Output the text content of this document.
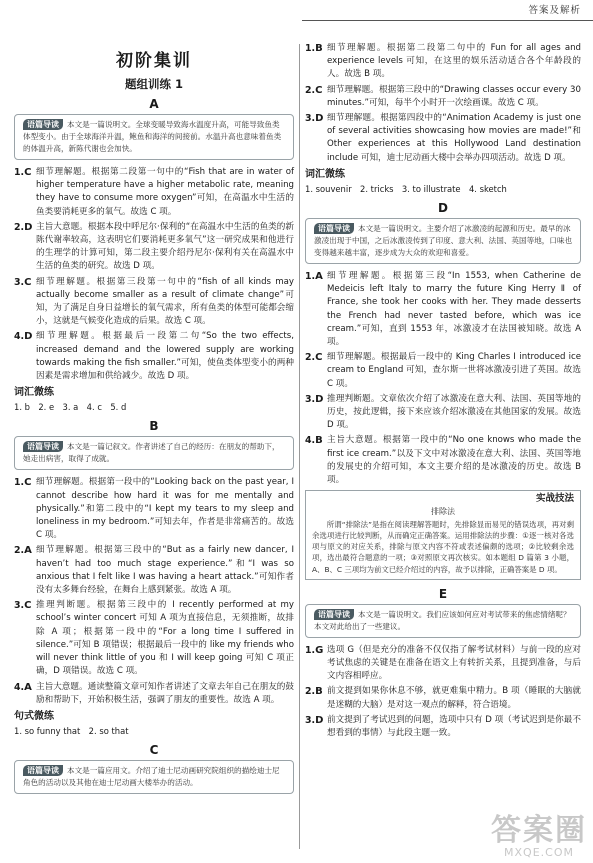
答案及解析
初阶集训
题组训练 1
A
语篇导读 本文是一篇说明文。全球变暖导致海水温度升高，可能导致鱼类体型变小。由于全球海洋升温，鲍鱼和海洋的间接前。水温升高也意味着鱼类的体温升高，新陈代谢也会加快。
1.C 细节理解题。根据第二段第一句中的“Fish that are in water of higher temperature have a higher metabolic rate, meaning they have to consume more oxygen”可知，在高温水中生活的鱼类要消耗更多的氧气。故选 C 项。
2.D 主旨大意题。根据本段中呼尼尔·保利的“在高温水中生活的鱼类的新陈代谢率较高，这表明它们要消耗更多氧气”这一研究成果和他进行的生理学的计算可知，第二段主要介绍丹尼尔·保利有关在高温水中生活的鱼类的研究。故选 D 项。
3.C 细节理解题。根据第三段第一句中的“fish of all kinds may actually become smaller as a result of climate change”可知，为了满足自身日益增长的氧气需求，所有鱼类的体型可能都会缩小，这就是气候变化造成的后果。故选 C 项。
4.D 细节理解题。根据最后一段第二句“So the two effects, increased demand and the lowered supply are working towards making the fish smaller.”可知，使鱼类体型变小的两种因素是需求增加和供给减少。故选 D 项。
词汇微练
1. b　2. e　3. a　4. c　5. d
B
语篇导读 本文是一篇记叙文。作者讲述了自己的经历：在朋友的帮助下，她走出病害，取得了成就。
1.C 细节理解题。根据第一段中的“Looking back on the past year, I cannot describe how hard it was for me mentally and physically.”和第二段中的“I kept my tears to my sleep and loneliness in my bedroom.”可知去年，作者是非常痛苦的。故选 C 项。
2.A 细节理解题。根据第三段中的“But as a fairly new dancer, I haven’t had too much stage experience.”和“I was so anxious that I felt like I was having a heart attack.”可知作者没有太多舞台经验，在舞台上感到紧张。故选 A 项。
3.C 推理判断题。根据第三段中的 I recently performed at my school’s winter concert 可知 A 项为直接信息，无须推断，故排除 A 项；根据第一段中的“For a long time I suffered in silence.”可知 B 项错误；根据最后一段中的 like my friends who will never think little of you 和 I will keep going 可知 C 项正确，D 项错误。故选 C 项。
4.A 主旨大意题。通读整篇文章可知作者讲述了文章去年自己在朋友的鼓励和帮助下，开始积极生活，强调了朋友的重要性。故选 A 项。
句式微练
1. so funny that　2. so that
C
语篇导读 本文是一篇应用文。介绍了迪士尼动画研究院组织的描绘迪士尼角色的活动以及其他在迪士尼动画大楼举办的活动。
1.B 细节理解题。根据第二段第二句中的 Fun for all ages and experience levels 可知，在这里的娱乐活动适合各个年龄段的人。故选 B 项。
2.C 细节理解题。根据第三段中的“Drawing classes occur every 30 minutes.”可知，每半个小时开一次绘画课。故选 C 项。
3.D 细节理解题。根据第四段中的“Animation Academy is just one of several activities showcasing how movies are made!”和 Other experiences at this Hollywood Land destination include 可知，迪士尼动画大楼中会举办四项活动。故选 D 项。
词汇微练
1. souvenir　2. tricks　3. to illustrate　4. sketch
D
语篇导读 本文是一篇说明文。主要介绍了冰激凌的起源和历史。最早的冰激凌出现于中国，之后冰激凌传到了印度、意大利、法国、英国等地，口味也变得越来越丰富，逐步成为大众的欢迎和喜爱。
1.A 细节理解题。根据第三段“In 1553, when Catherine de Medeicis left Italy to marry the future King Herry Ⅱ of France, she took her cooks with her. They made desserts the French had never tasted before, which was ice cream.”可知，直到 1553 年，冰激凌才在法国被知晓。故选 A 项。
2.C 细节理解题。根据最后一段中的 King Charles Ⅰ introduced ice cream to England 可知，查尔斯一世将冰激凌引进了英国。故选 C 项。
3.D 推理判断题。文章依次介绍了冰激凌在意大利、法国、英国等地的历史，按此逻辑，接下来应该介绍冰激凌在其他国家的发展。故选 D 项。
4.B 主旨大意题。根据第一段中的“No one knows who made the first ice cream.”以及下文中对冰激凌在意大利、法国、英国等地的发展史的介绍可知，本文主要介绍的是冰激凌的历史。故选 B 项。
实战技法
排除法

所谓“排除法”是指在阅读理解答题时，先排除显而易见的错误选项，再对剩余选项进行比较判断，从而确定正确答案。运用排除法的步骤：①逐一核对各选项与原文的对应关系，排除与原文内容不符或表述偏颇的选项；②比较剩余选项，选出最符合题意的一项；③对照原文再次核实。如本题组 D 篇第 3 小题，A、B、C 三项均为前文已经介绍过的内容，故予以排除，正确答案是 D 项。

E
语篇导读 本文是一篇说明文。我们应该如何应对考试带来的焦虑情绪呢？本文对此给出了一些建议。
1.G 选项 G（但是充分的准备不仅仅指了解考试材料）与前一段的应对考试焦虑的关键是在准备在语文上有转折关系，且提到准备，与后文内容相呼应。
2.B 前文提到如果你休息不够，就更难集中精力。B 项（睡眠的大脑就是迷糊的大脑）是对这一观点的解释，符合语境。
3.D 前文提到了考试迟到的问题，选项中只有 D 项（考试迟到是你最不想看到的事情）与此段主题一致。
答案圈
MXQE.COM
